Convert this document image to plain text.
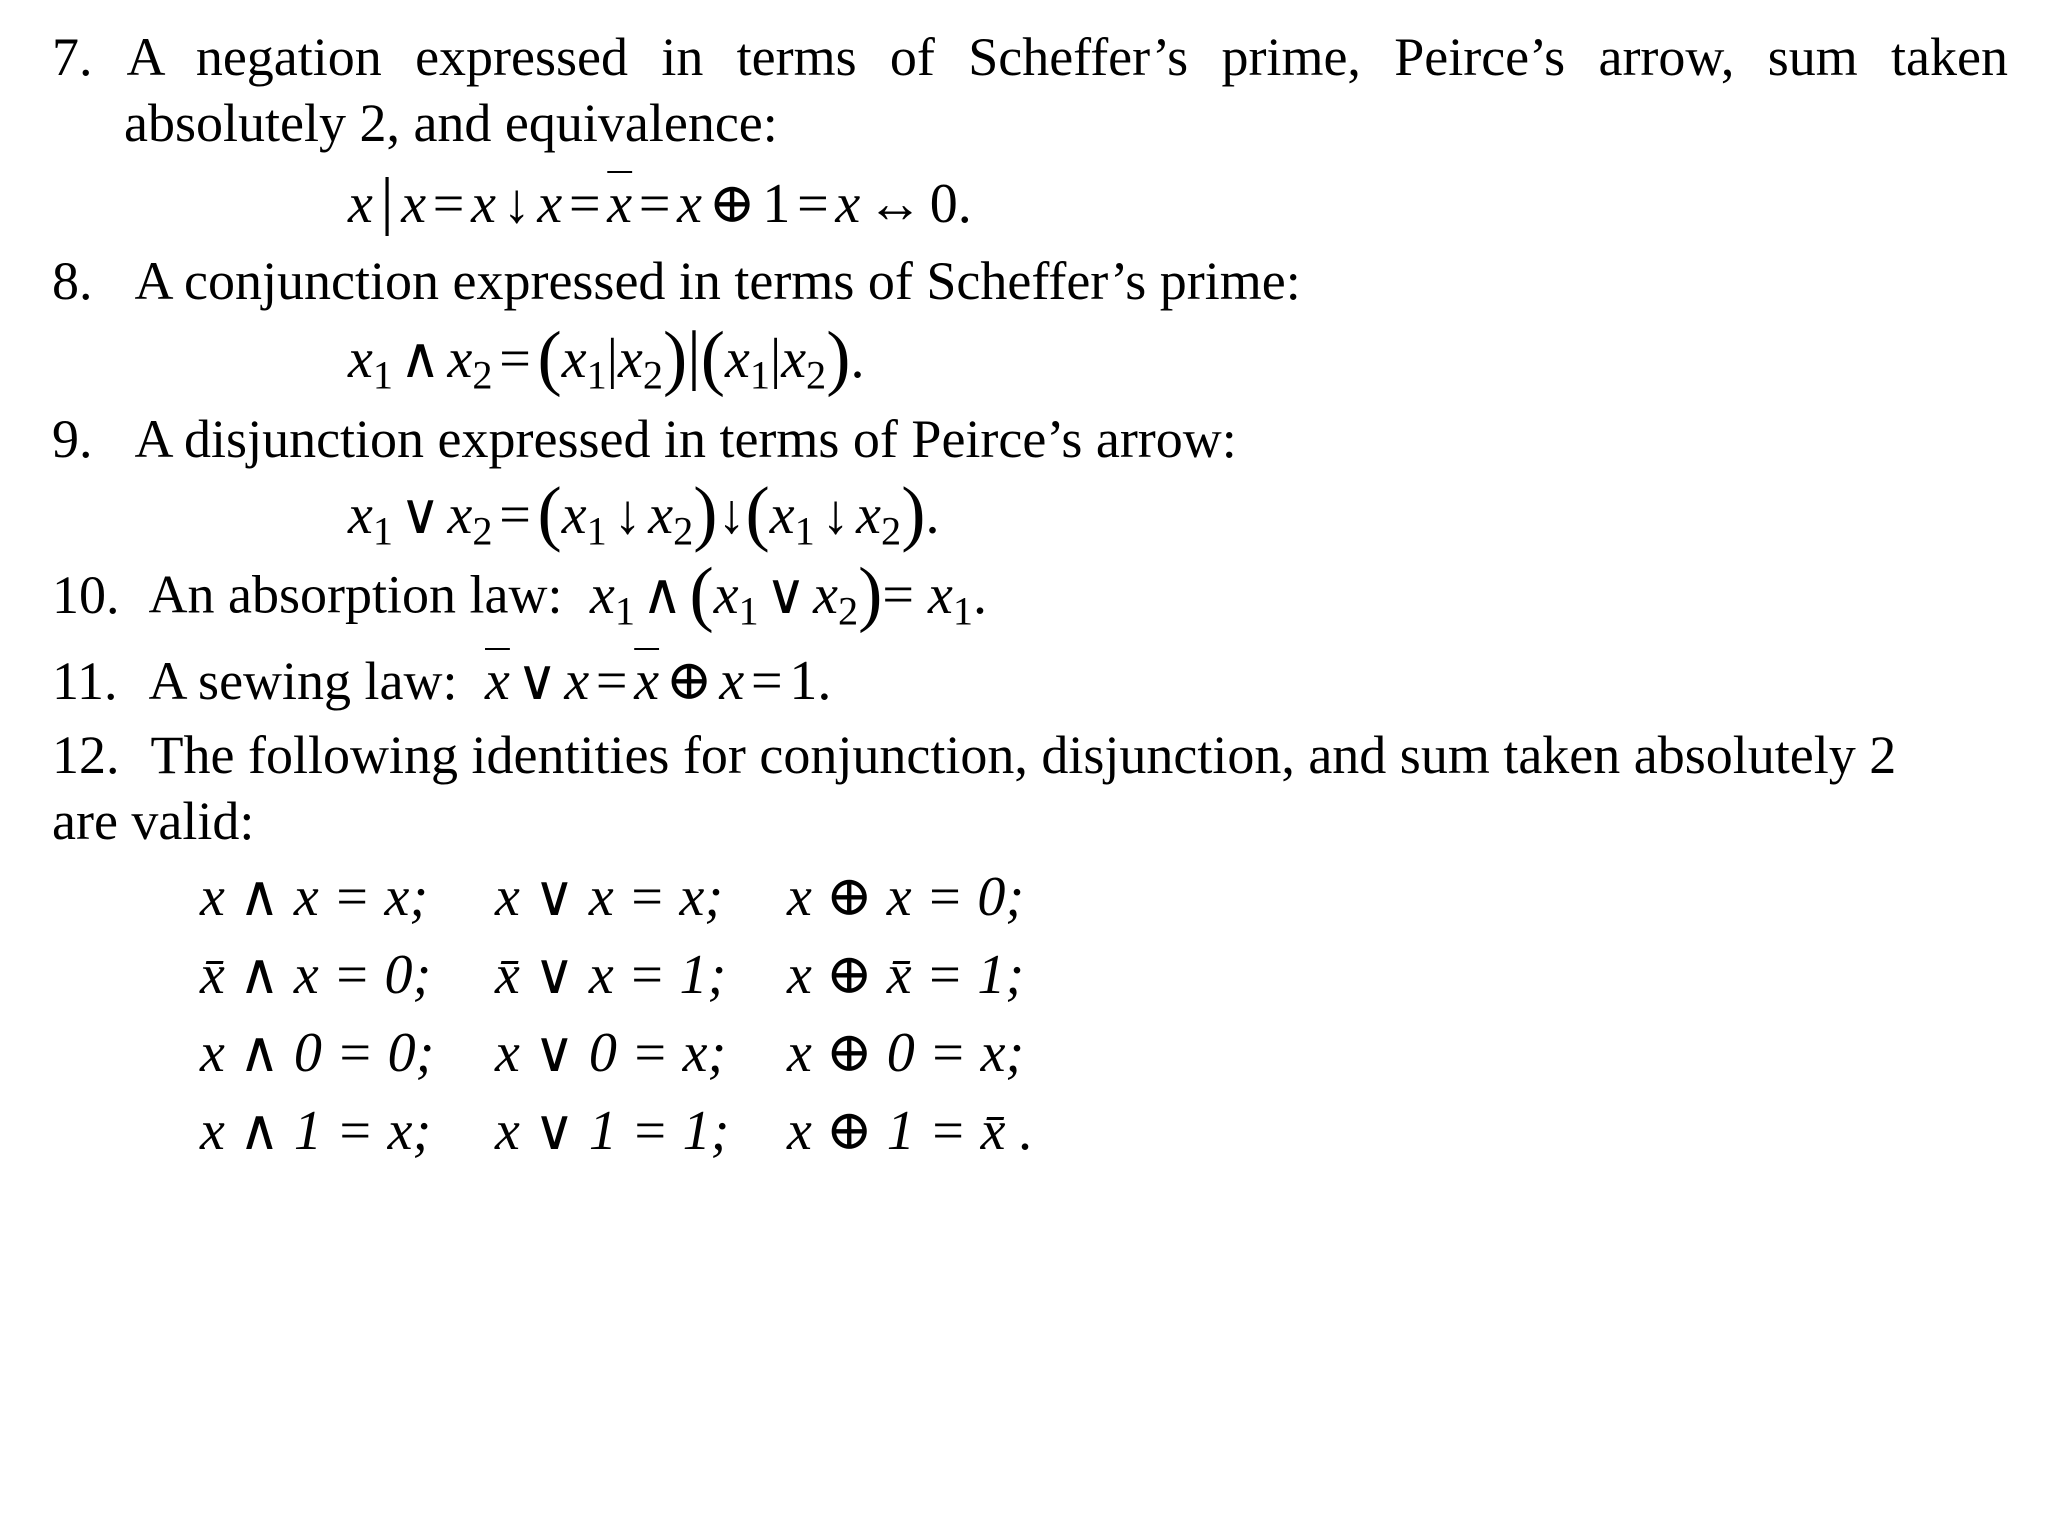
7. A negation expressed in terms of Scheffer’s prime, Peirce’s arrow, sum taken
absolutely 2, and equivalence:
x | x = x ↓ $x = \overline{x} = x$ ⊕ 1 = x ↔ 0.
8. A conjunction expressed in terms of Scheffer’s prime:
$x_1$ ∧ $x_2 =(x_1|x_2)|(x_1|x_2)$.
9. A disjunction expressed in terms of Peirce’s arrow:
$x_1$ ∨ $x_2 =(x_1$ ↓ $x_2)↓(x_1$ ↓ $x_2$).
10. An absorption law: $x_1$ $\wedge(x_1$ ∨ $x_2)= x_1$.
11. A sewing law: $\overline{x}$ ∨ $x = \overline{x}$ ⊕ x = 1.
12. The following identities for conjunction, disjunction, and sum taken absolutely 2
are valid:
x ∧ x = x;	x ∨ x = x;	x ⊕ x = 0;
x̄ ∧ x = 0;	x̄ ∨ x = 1;	x ⊕ x̄ = 1;
x ∧ 0 = 0;	x ∨ 0 = x;	x ⊕ 0 = x;
x ∧ 1 = x;	x ∨ 1 = 1;	x ⊕ 1 = x̄ .
